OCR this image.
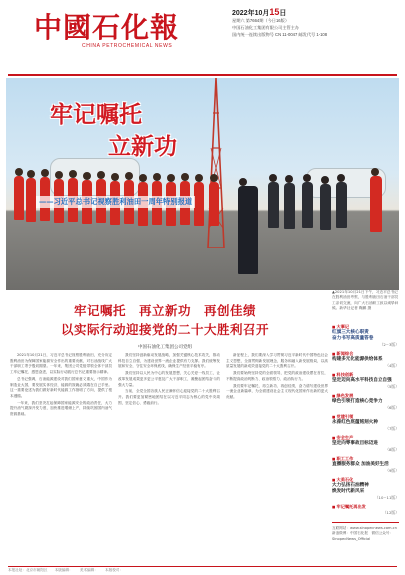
中國石化報
CHINA PETROCHEMICAL NEWS
2022年10月15日
星期六 第7664期（今日16版）
中国石油化工集团有限公司主管主办
国内统一连续出版物号 CN 11-0047 邮发代号 1-108
牢记嘱托
立新功
——习近平总书记视察胜利油田一周年特别报道
▲2021年10月21日下午，习近平总书记在胜利油田考察，与胜利油田石油干部员工亲切交流，向广大石油职工致以诚挚问候。新华社记者 鞠鹏 摄
牢记嘱托　再立新功　再创佳绩
以实际行动迎接党的二十大胜利召开
中国石油化工集团公司党组

2021年10月21日，习近平总书记视察胜利油田，充分肯定胜利油田为保障国家能源安全作出的重要贡献，对石油战线广大干部职工寄予殷切期望。一年来，集团公司党组带领全体干部员工牢记嘱托、感恩奋进，以实际行动践行总书记重要指示精神。

总书记强调，石油能源建设对我们国家意义重大，中国作为制造业大国，要发展实体经济，能源的饭碗必须端在自己手里。这一重要论述为我们做好新时代能源工作指明了方向，提供了根本遵循。

一年来，我们坚决扛起保障国家能源安全的政治责任，大力提升油气勘探开发力度，加快推进增储上产，持续巩固国内油气资源基础。

我们坚持创新驱动发展战略，加强关键核心技术攻关，推动科技自立自强，为建设世界一流企业提供有力支撑。我们统筹发展和安全，守住安全环保底线，确保生产经营平稳有序。

我们坚持以人民为中心的发展思想，关心关爱一线员工，让改革发展成果更多更公平惠及广大干部职工，凝聚起团结奋斗的强大力量。

当前，全党全国各族人民正满怀信心迎接党的二十大胜利召开。我们要更加紧密地团结在以习近平同志为核心的党中央周围，坚定信心、勇毅前行。

新征程上，我们要深入学习贯彻习近平新时代中国特色社会主义思想，全面贯彻新发展理念，服务和融入新发展格局，以高质量发展的新成效迎接党的二十大胜利召开。

我们要始终坚持党的全面领导，把党的政治建设摆在首位，不断提高政治判断力、政治领悟力、政治执行力。

我们要牢记嘱托、再立新功、再创佳绩，奋力谱写建设世界一流企业新篇章，为全面建设社会主义现代化国家作出新的更大贡献。

■ 大事记
红旗三大核心职责
奋力书写高质量答卷
（2~3版）
■ 新闻综合
构建多元化能源供给体系
（4版）
■ 科技创新
坚定迈向高水平科技自立自强
（5版）
■ 绿色发展
绿色引领打造核心竞争力
（6版）
■ 党建引领
永葆红色底蕴铭刻火种
（7版）
■ 安全生产
坚定向零事故目标迈进
（8版）
■ 职工工作
直播服务群众 加油美好生活
（9版）
■ 大美石化
大力弘扬石油精神
焕发时代新风采
（10~11版）
■ 牢记嘱托再出发
（12版）
互联网站：www.sinopecnews.com.cn　新浪微博：中国石化报　微信公众号：SinopecNews_Official
本报社址：北京市朝阳区　　本版编辑：　　美术编辑：　　本版校对：
